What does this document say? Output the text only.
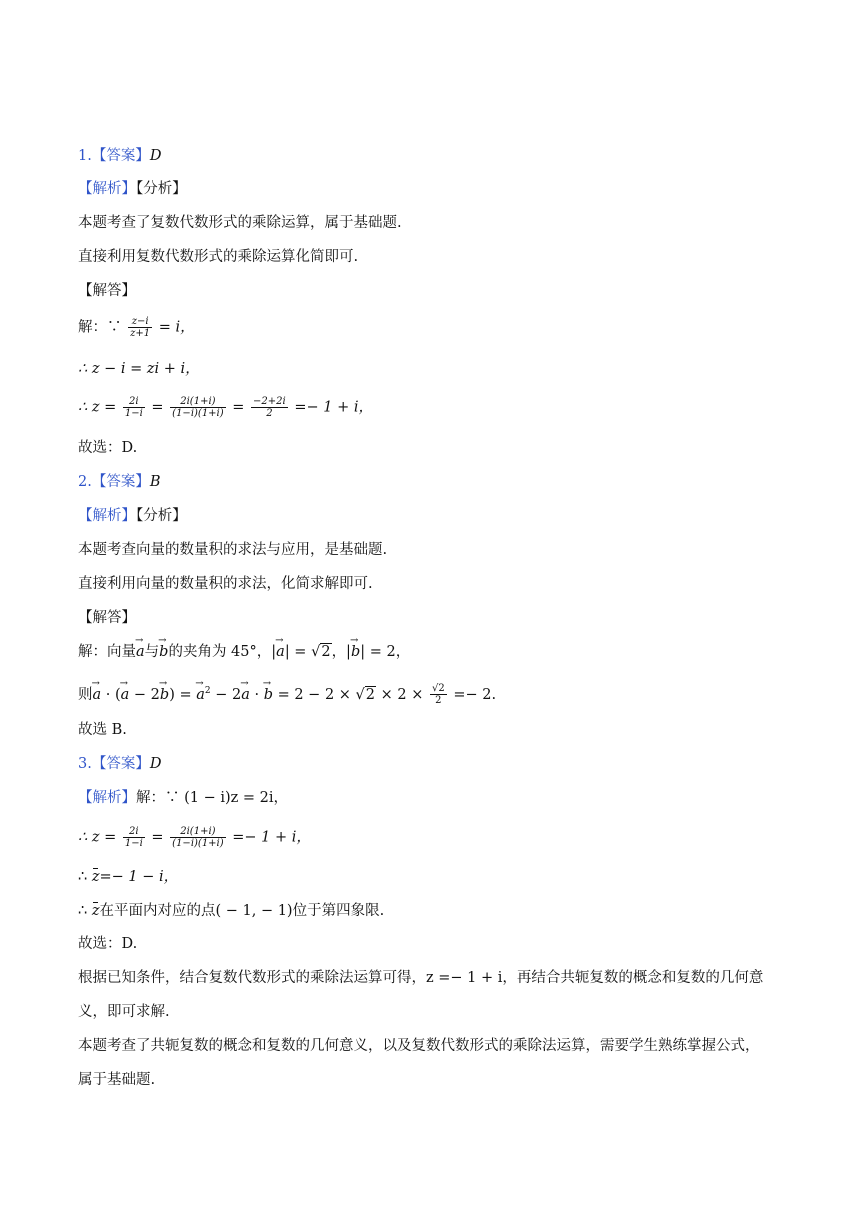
1.【答案】D
【解析】【分析】
本题考查了复数代数形式的乘除运算，属于基础题.
直接利用复数代数形式的乘除运算化简即可.
【解答】
解：∵ $\frac{z-i}{z+1} = i$，
∴ z − i = zi + i，
∴ $z = \frac{2i}{1-i} = \frac{2i(1+i)}{(1-i)(1+i)} = \frac{-2+2i}{2} =- 1 + i$，
故选：D.
2.【答案】B
【解析】【分析】
本题考查向量的数量积的求法与应用，是基础题.
直接利用向量的数量积的求法，化简求解即可.
【解答】
解：向量→ a与→ b的夹角为 45°，|→ a| = √2，|→ b| = 2，
则→ a · (→ a − 2→ b) = → $a^2 - 2\to a$ · → $b = 2 - 2 \times √2 \times 2 \times \frac{√2}{2} =- 2$.
故选 B.
3.【答案】D
【解析】解：∵ (1 − i)z = 2i，
∴ $z = \frac{2i}{1-i} = \frac{2i(1+i)}{(1-i)(1+i)} =- 1 + i$，
∴ z=− 1 − i，
∴ z在平面内对应的点( − 1, − 1)位于第四象限.
故选：D.
根据已知条件，结合复数代数形式的乘除法运算可得，z =− 1 + i，再结合共轭复数的概念和复数的几何意
义，即可求解.
本题考查了共轭复数的概念和复数的几何意义，以及复数代数形式的乘除法运算，需要学生熟练掌握公式，
属于基础题.
